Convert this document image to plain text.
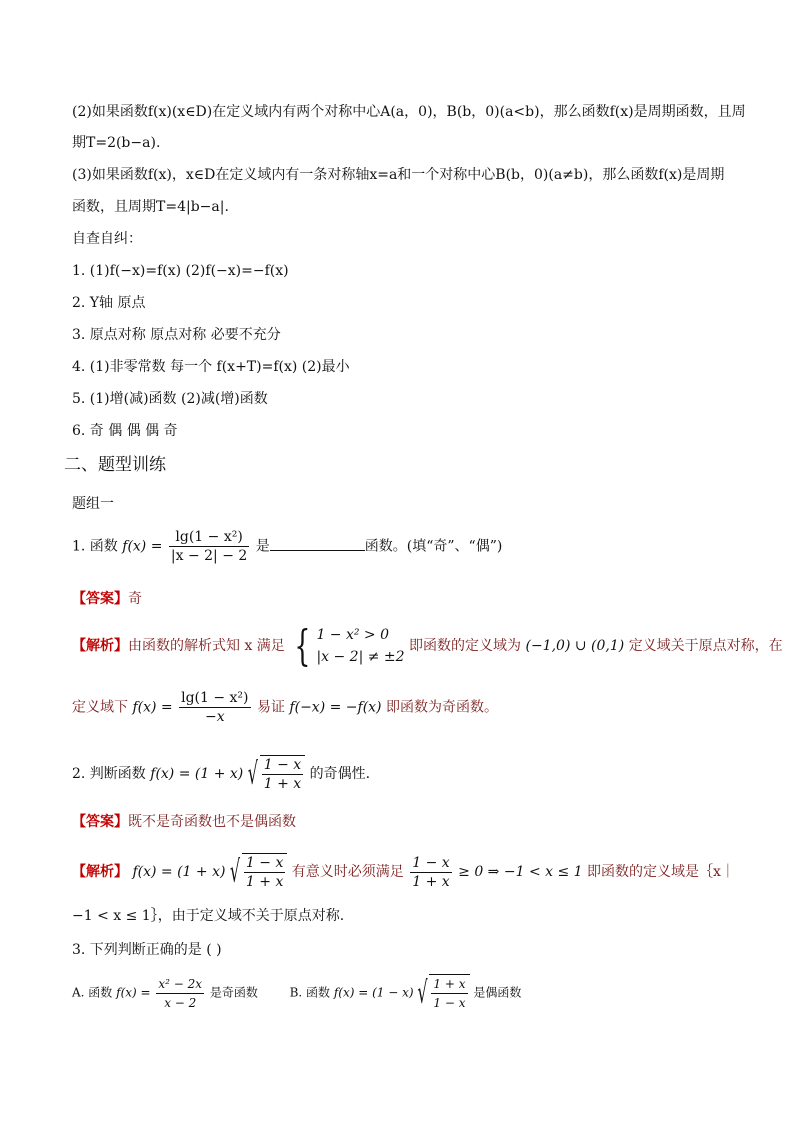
(2)如果函数f(x)(x∈D)在定义域内有两个对称中心A(a，0)，B(b，0)(a<b)，那么函数f(x)是周期函数，且周
期T=2(b−a).
(3)如果函数f(x)，x∈D在定义域内有一条对称轴x=a和一个对称中心B(b，0)(a≠b)，那么函数f(x)是周期
函数，且周期T=4|b−a|.
自查自纠：
1. (1)f(−x)=f(x) (2)f(−x)=−f(x)
2. Y轴 原点
3. 原点对称 原点对称 必要不充分
4. (1)非零常数 每一个 f(x+T)=f(x) (2)最小
5. (1)增(减)函数 (2)减(增)函数
6. 奇 偶 偶 偶 奇
二、题型训练
题组一
1. 函数 $f(x) = \frac{\text{lg(1 − x²)}}{|x - 2| - 2}$ 是	函数。(填“奇”、“偶”)
【答案】奇
【解析】由函数的解析式知 x 满足 { 1 − x² > 0
|x − 2| ≠ ±2
即函数的定义域为 (−1,0) ∪ (0,1) 定义域关于原点对称，在
定义域下 $f(x) = \frac{\text{lg(1 − x²)}}{-x}$ 易证 f(−x) = −f(x) 即函数为奇函数。
2. 判断函数 f(x) = (1 + x) √ $\frac{1 - x}{1 + x}$ 的奇偶性.
【答案】既不是奇函数也不是偶函数
【解析】 f(x) = (1 + x) √ $\frac{1 - x}{1 + x}$ 有意义时必须满足 $\frac{1 - x}{1 + x} \ge 0$ ⇒ −1 < x ≤ 1 即函数的定义域是｛x｜
−1 < x ≤ 1｝，由于定义域不关于原点对称.
3. 下列判断正确的是 ( )
A. 函数 $f(x) = \frac{\text{x² − 2x}}{x - 2}$ 是奇函数	B. 函数 f(x) = (1 − x) √ $\frac{1 + x}{1 - x}$ 是偶函数
